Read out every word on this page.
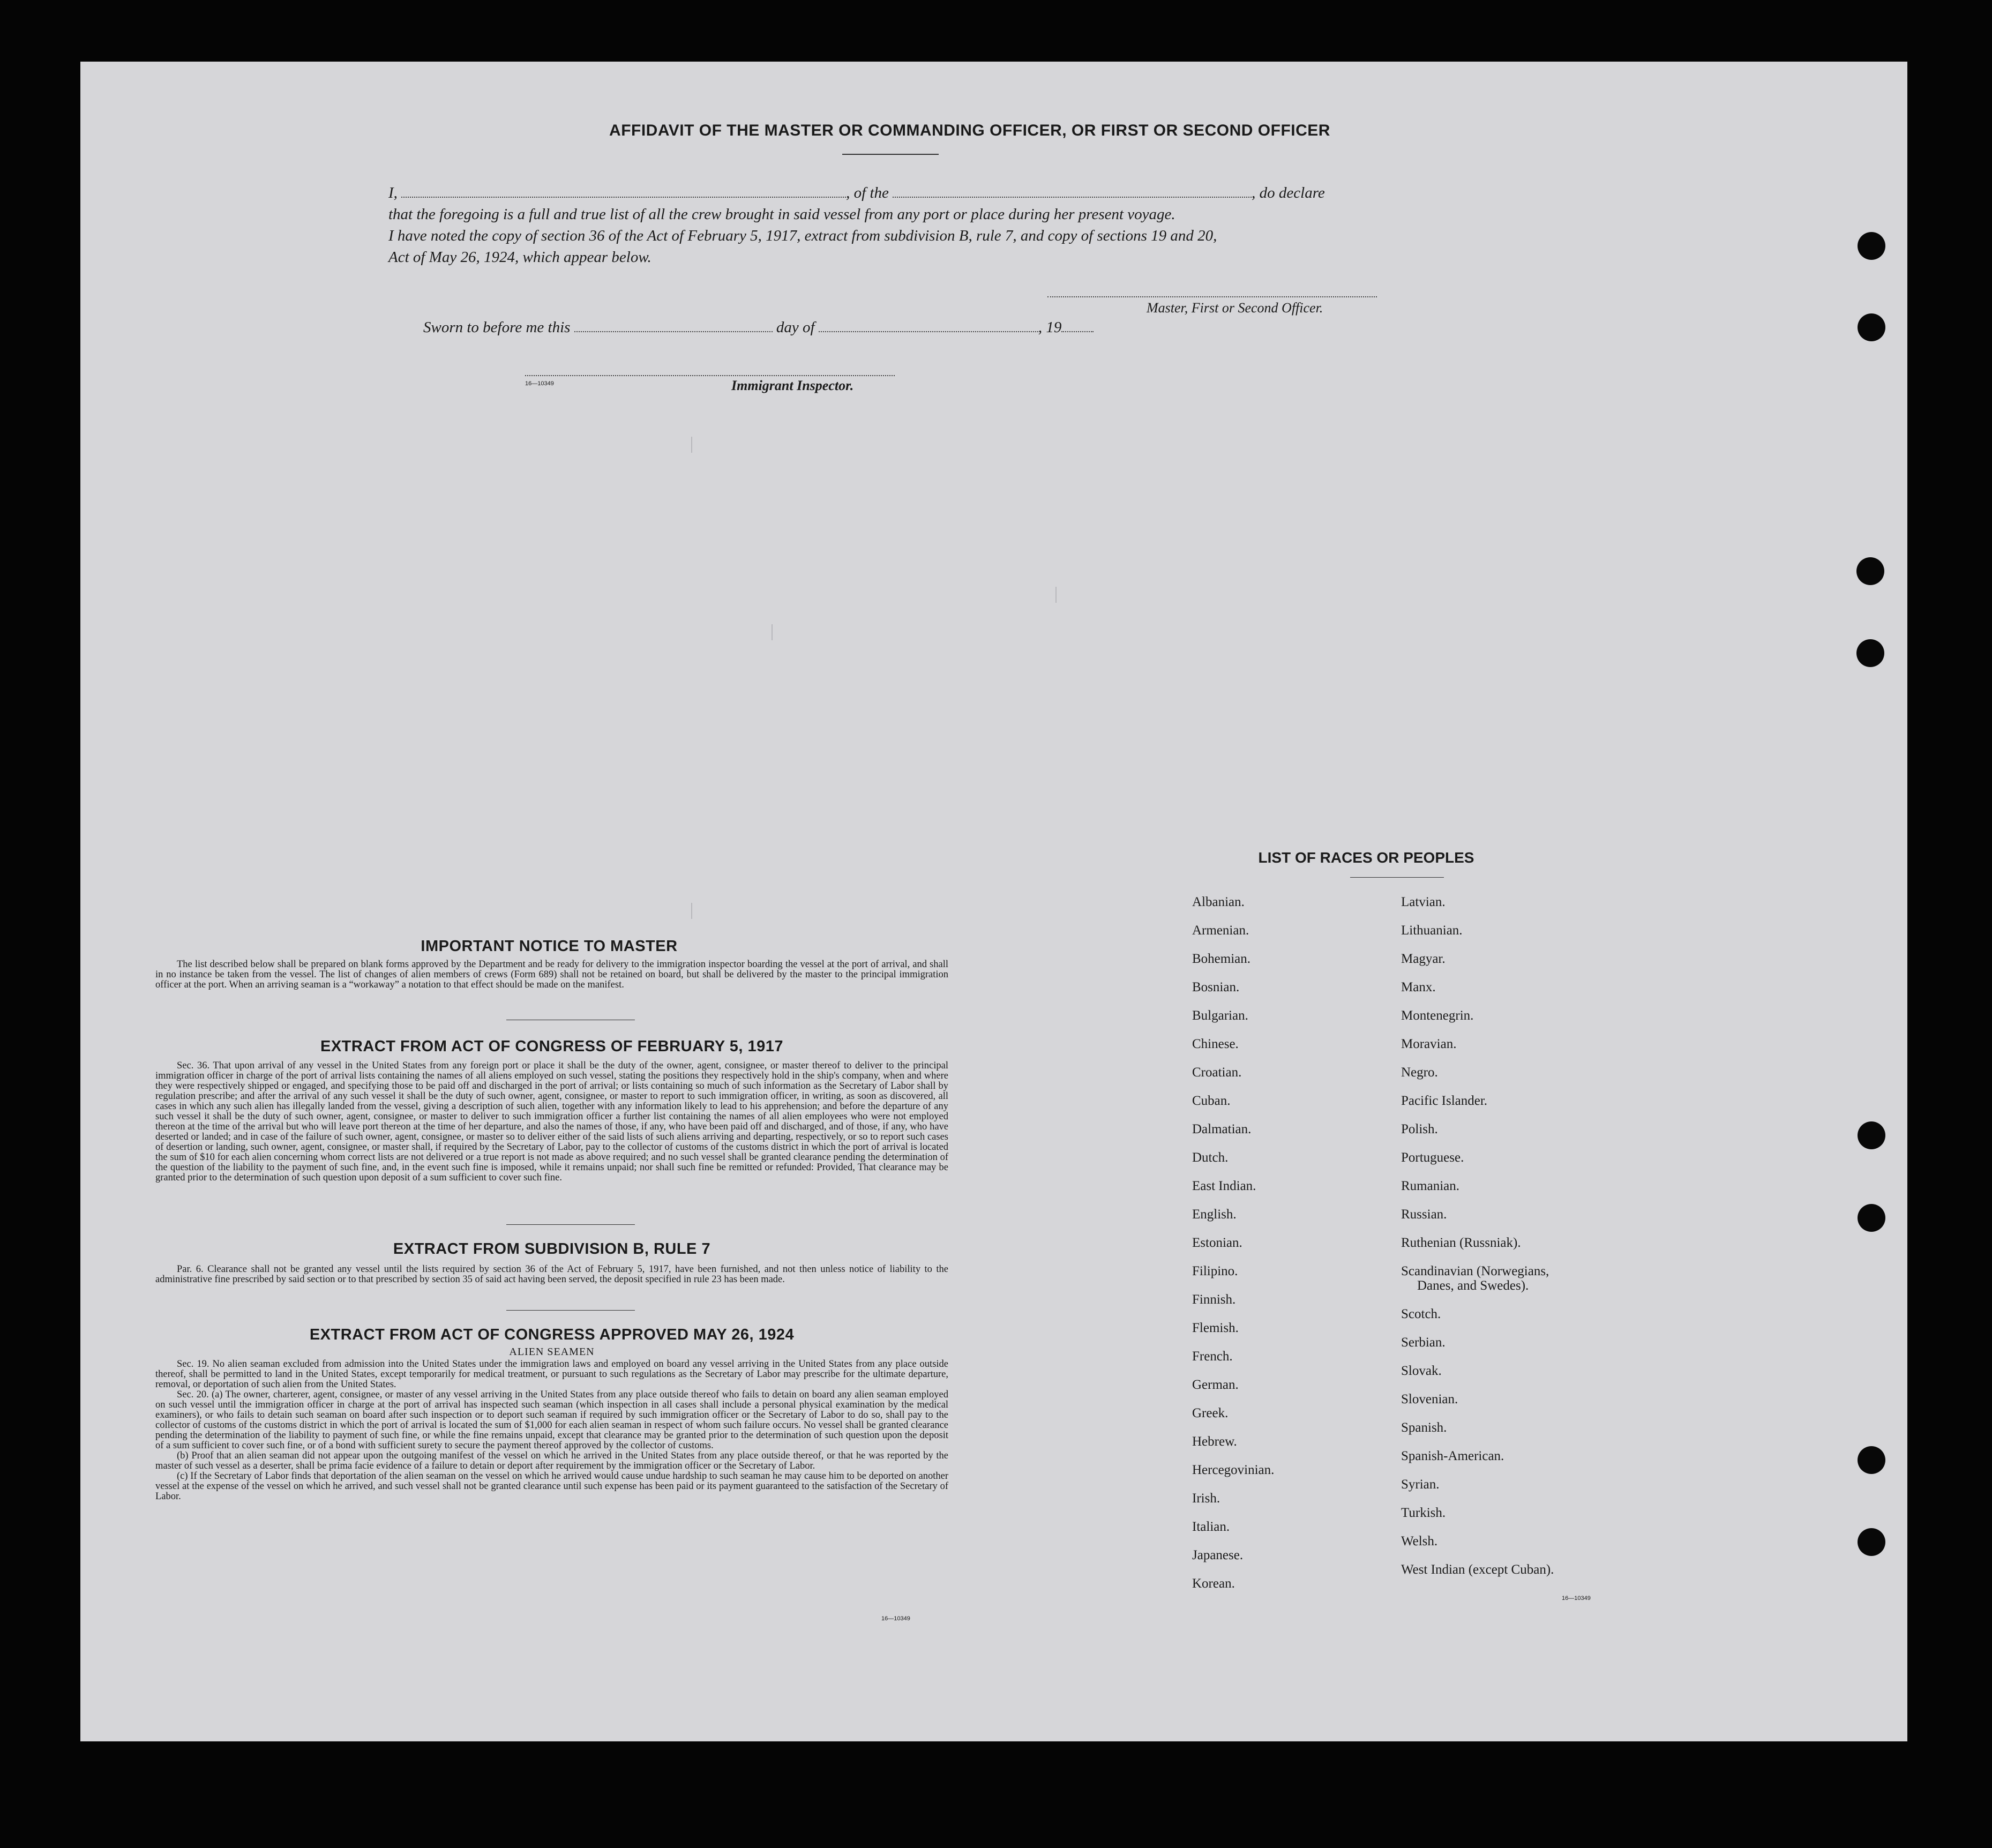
AFFIDAVIT OF THE MASTER OR COMMANDING OFFICER, OR FIRST OR SECOND OFFICER

I,	, of the	, do declare

that the foregoing is a full and true list of all the crew brought in said vessel from any port or place during her present voyage.

I have noted the copy of section 36 of the Act of February 5, 1917, extract from subdivision B, rule 7, and copy of sections 19 and 20,

Act of May 26, 1924, which appear below.

Master, First or Second Officer.
Sworn to before me this	day of	, 19
16—10349	Immigrant Inspector.
IMPORTANT NOTICE TO MASTER
The list described below shall be prepared on blank forms approved by the Department and be ready for delivery to the immigration inspector boarding the vessel at the port of arrival, and shall in no instance be taken from the vessel. The list of changes of alien members of crews (Form 689) shall not be retained on board, but shall be delivered by the master to the principal immigration officer at the port. When an arriving seaman is a “workaway” a notation to that effect should be made on the manifest.
EXTRACT FROM ACT OF CONGRESS OF FEBRUARY 5, 1917
Sec. 36. That upon arrival of any vessel in the United States from any foreign port or place it shall be the duty of the owner, agent, consignee, or master thereof to deliver to the principal immigration officer in charge of the port of arrival lists containing the names of all aliens employed on such vessel, stating the positions they respectively hold in the ship's company, when and where they were respectively shipped or engaged, and specifying those to be paid off and discharged in the port of arrival; or lists containing so much of such information as the Secretary of Labor shall by regulation prescribe; and after the arrival of any such vessel it shall be the duty of such owner, agent, consignee, or master to report to such immigration officer, in writing, as soon as discovered, all cases in which any such alien has illegally landed from the vessel, giving a description of such alien, together with any information likely to lead to his apprehension; and before the departure of any such vessel it shall be the duty of such owner, agent, consignee, or master to deliver to such immigration officer a further list containing the names of all alien employees who were not employed thereon at the time of the arrival but who will leave port thereon at the time of her departure, and also the names of those, if any, who have been paid off and discharged, and of those, if any, who have deserted or landed; and in case of the failure of such owner, agent, consignee, or master so to deliver either of the said lists of such aliens arriving and departing, respectively, or so to report such cases of desertion or landing, such owner, agent, consignee, or master shall, if required by the Secretary of Labor, pay to the collector of customs of the customs district in which the port of arrival is located the sum of $10 for each alien concerning whom correct lists are not delivered or a true report is not made as above required; and no such vessel shall be granted clearance pending the determination of the question of the liability to the payment of such fine, and, in the event such fine is imposed, while it remains unpaid; nor shall such fine be remitted or refunded: Provided, That clearance may be granted prior to the determination of such question upon deposit of a sum sufficient to cover such fine.
EXTRACT FROM SUBDIVISION B, RULE 7
Par. 6. Clearance shall not be granted any vessel until the lists required by section 36 of the Act of February 5, 1917, have been furnished, and not then unless notice of liability to the administrative fine prescribed by said section or to that prescribed by section 35 of said act having been served, the deposit specified in rule 23 has been made.
EXTRACT FROM ACT OF CONGRESS APPROVED MAY 26, 1924
ALIEN SEAMEN

Sec. 19. No alien seaman excluded from admission into the United States under the immigration laws and employed on board any vessel arriving in the United States from any place outside thereof, shall be permitted to land in the United States, except temporarily for medical treatment, or pursuant to such regulations as the Secretary of Labor may prescribe for the ultimate departure, removal, or deportation of such alien from the United States.

Sec. 20. (a) The owner, charterer, agent, consignee, or master of any vessel arriving in the United States from any place outside thereof who fails to detain on board any alien seaman employed on such vessel until the immigration officer in charge at the port of arrival has inspected such seaman (which inspection in all cases shall include a personal physical examination by the medical examiners), or who fails to detain such seaman on board after such inspection or to deport such seaman if required by such immigration officer or the Secretary of Labor to do so, shall pay to the collector of customs of the customs district in which the port of arrival is located the sum of $1,000 for each alien seaman in respect of whom such failure occurs. No vessel shall be granted clearance pending the determination of the liability to payment of such fine, or while the fine remains unpaid, except that clearance may be granted prior to the determination of such question upon the deposit of a sum sufficient to cover such fine, or of a bond with sufficient surety to secure the payment thereof approved by the collector of customs.

(b) Proof that an alien seaman did not appear upon the outgoing manifest of the vessel on which he arrived in the United States from any place outside thereof, or that he was reported by the master of such vessel as a deserter, shall be prima facie evidence of a failure to detain or deport after requirement by the immigration officer or the Secretary of Labor.

(c) If the Secretary of Labor finds that deportation of the alien seaman on the vessel on which he arrived would cause undue hardship to such seaman he may cause him to be deported on another vessel at the expense of the vessel on which he arrived, and such vessel shall not be granted clearance until such expense has been paid or its payment guaranteed to the satisfaction of the Secretary of Labor.

16—10349
LIST OF RACES OR PEOPLES
Albanian.
Armenian.
Bohemian.
Bosnian.
Bulgarian.
Chinese.
Croatian.
Cuban.
Dalmatian.
Dutch.
East Indian.
English.
Estonian.
Filipino.
Finnish.
Flemish.
French.
German.
Greek.
Hebrew.
Hercegovinian.
Irish.
Italian.
Japanese.
Korean.
Latvian.
Lithuanian.
Magyar.
Manx.
Montenegrin.
Moravian.
Negro.
Pacific Islander.
Polish.
Portuguese.
Rumanian.
Russian.
Ruthenian (Russniak).
Scandinavian (Norwegians,
Danes, and Swedes).
Scotch.
Serbian.
Slovak.
Slovenian.
Spanish.
Spanish-American.
Syrian.
Turkish.
Welsh.
West Indian (except Cuban).
16—10349
